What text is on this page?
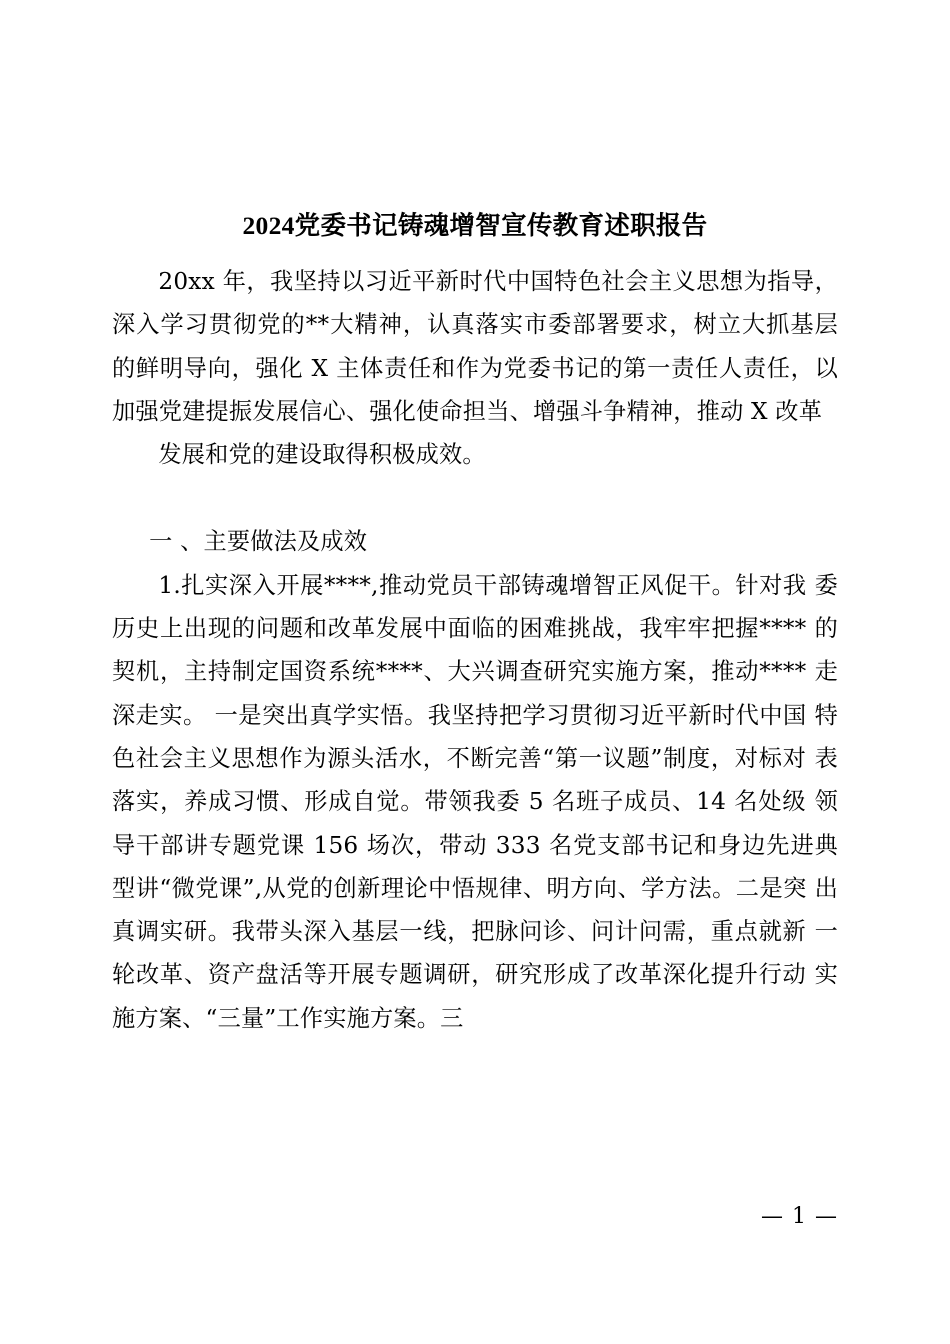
2024党委书记铸魂增智宣传教育述职报告

20xx 年，我坚持以习近平新时代中国特色社会主义思想为指导， 深入学习贯彻党的**大精神，认真落实市委部署要求，树立大抓基层 的鲜明导向，强化 X 主体责任和作为党委书记的第一责任人责任，以 加强党建提振发展信心、强化使命担当、增强斗争精神，推动 X 改革

发展和党的建设取得积极成效。

一 、主要做法及成效

1.扎实深入开展****,推动党员干部铸魂增智正风促干。针对我 委历史上出现的问题和改革发展中面临的困难挑战，我牢牢把握**** 的契机，主持制定国资系统****、大兴调查研究实施方案，推动**** 走深走实。 一是突出真学实悟。我坚持把学习贯彻习近平新时代中国 特色社会主义思想作为源头活水，不断完善“第一议题”制度，对标对 表落实，养成习惯、形成自觉。带领我委 5 名班子成员、14 名处级 领导干部讲专题党课 156 场次，带动 333 名党支部书记和身边先进典 型讲“微党课”,从党的创新理论中悟规律、明方向、学方法。二是突 出真调实研。我带头深入基层一线，把脉问诊、问计问需，重点就新 一轮改革、资产盘活等开展专题调研，研究形成了改革深化提升行动 实施方案、“三量”工作实施方案。三

— 1 —
